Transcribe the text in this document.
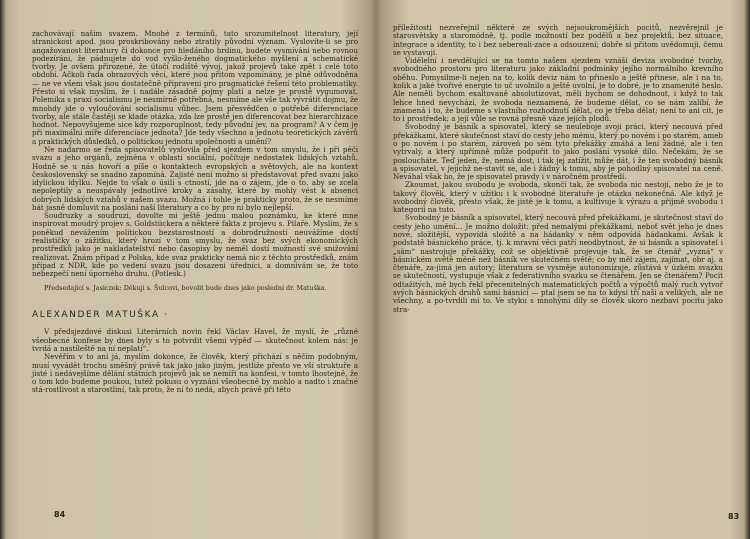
zachovávají našim svazem. Mnohé z termínů, tato srozumitelnost literatury, její stranickost apod. jsou proskribovány nebo ztratily původní význam. Vyslovíte-li se pro angažovanost literatury či dokonce pro hledáního hrdinu, budete vysmíváni nebo rovnou podezíráni, že pádnujete do vod vyšlo-ženého dogmatického myšlení a schematické tvorby. Je ovšem přirozené, že útočí rodiště vývoj, jakož projevů také zpět i celé toto období. Ačkoli řada obrazových věcí, které jsou přitom vzpomínány, je plně odůvodněna — ne ve všem však jsou dostatečně připraveni pro pragmatické řešení této problematiky. Přesto si však myslím, že i nadále zásadně pojmy platí a nelze je prostě vygumovat. Polemika s praxí socialismu je nesmírně potřebná, nesmíme ale vše tak vývrátit dojmu, že mnohdy jde o vyloučování socialismu vůbec. Jsem přesvědčen o potřebě diferenciace tvorby, ale stále častěji se klade otázka, zda lze prostě jen diferencovat bez hierarchizace hodnot. Nepovyšujeme sice kdy rozporuplnost, tedy původní jev, na program? A v čem je při maximální míře diferenciace jednota? Jde tedy všechno a jednotu teoretických závěrů a praktických důsledků, o politickou jednotu společnosti a umění?

Ne nadarmo se ředa spisovatelů vyslovila před sjezdem v tom smyslu, že i při péči svazu a jeho orgánů, zejména v oblasti sociální, počítuje nedostatek lidských vztahů. Hodně se u nás hovoří a píše o kontaktech evropských a světových, ale na kontext československý se snadno zapomíná. Zajisté není možno si představovat před svazu jako idylickou idylku. Nejde tu však o úsilí s ctností, jde na o zájem, jde o to, aby se zcela nepoleptily a neuspávaly jednotlivé kroky a zásahy, které by mohly vést k absenci dobrých lidských vztahů v našem svazu. Možná i tohle je prakticky proto, že se nesmíme bát jasně domluvit na poslání naší literatury a co by pro ni bylo nejlepší.

Soudruzky a soudruzi, dovolte mi ještě jednu malou poznámku, ke které mne inspirovat moudrý projev s. Goldstückera a některé fakta z projevu s. Pilaře. Myslím, že s poněkud nevážením politickou bezstarostností a dobrodružností neuvážíme dostí realističky o zážitku, který hrozí v tom smyslu, že svaz bez svých ekonomických prostředků jako je nakladatelství nebo časopisy by neměl dostí možností své snižování realizovat. Znám případ z Polska, kde svaz prakticky nemá nic z těchto prostředků, znám případ z NDR, kde po vedení svazu jsou dosazeni úředníci, a domnívám se, že toto nebezpečí není úporného druhu. (Potlesk.)

Předsedající s. Jasiczek: Děkuji s. Šulcovi, bovolit bude dnes jako poslední dr. Matuška.

ALEXANDER MATUŠKA ·

V předsjezdové diskusi Literárních novin řekl Václav Havel, že myslí, že „různé všeobecné konfese by dnes byly s to potvrdit všemi výpěď — skutečnost kolem nás: je tvrdá a nastíleště na ní neplatí“.

Nevěřím v to ani já, myslím dokonce, že člověk, který přichází s něčím podobným, musí vyvádět trochu směšný právě tak jako jako jiným, jestliže přesto ve vší struktuře a jisté i nedávejšíme dělání státních projevů jak se nemíří na konfesi, v tomto lhostejně, že o tom kdo budeme poukou, tutéž pokusu o vyznání všeobecně by mohlo a nadto i značné stá-rostlivost a starostliní, tak proto, že ní to nedá, abych právě při této

84

příležitosti nezveřejnil některé ze svých nejsoukromějších pocitů, nezvěrejnil je starosvětsky a staromódně, tj. podle možností bez podělů a bez projektů, bez situace, integrace a identity, to i bez sebereali-zace a odsouzení; dobře si přitom uvědomuji, čemu se vystavuji.

Vidělelní i nevdělující se na tomto našem sjezdem vznáší deviza svobodné tvorby, svobodného prostoru pro literaturu jako základní podmínky jejího normálního krevního oběhu. Pomysilme-li nejen na to, kolik deviz nám to přineslo a ještě přinese, ale i na to, kolik a jaké tvořivé energie to uč uvolnilo a ještě uvolní, je to dobré, je to znamenité heslo. Ale neměli bychom exaltovaně absolutizovat, měli bychom se dohodnout, i když to tak lehce hned nevychází, že svoboda neznamená, že budeme dělat, co se nám zalíbí, že znamená i to, že budeme s vlastního rozhodnutí dělat, co je třeba dělat; není to ani cit, je to i prostředek; a její vůle se rovná přesně váze jejích plodů.

Svobodný je básník a spisovatel, který se neuleboje svoji práci, který necouvá před překážkami, které skutečnost staví do cesty jeho mému, který po novém i po starém, ameb o po novém i po starém, zároveň po sém tyto překážky zmáhá a lení žádné, ale i ten vytrvalý, a který upřímně může podpořit to jako poslání vysoké dílo. Nečekám, že se posloucháte. Teď jeden, že, nemá dost, i tak jej zatížit, může dát, i že ten svobodný básník a spisovatel, v jejichž ne-stavit se, ale i žádný k tomu, aby je pohodlný spisovatel na ceně. Neváhal však ho, že je spisovatel pravdy i v náročném prostředí.

Zkoumat, jakou svobodu je svoboda, skončí tak, že svoboda nic nestojí, nebo že je to takový člověk, který v užitku i k svobodné literatuře je otázka nekonečná. Ale když je svobodný člověk, přesto však, že jistě je k tomu, a kultivuje k výrazu a přijmě svobodu i kategorii na tuto.

Svobodný je básník a spisovatel, který necouvá před překážkami, je skutečnost staví do cesty jeho umění… Je možno doložit: před nemalými překážkami, neboť svět jeho je dnes nové, složitější, vypovídá složitě a na hádanky v něm odpovídá hádankami. Avšak k podstatě básnického práce, tj. k mravní věci patří neodbytnost, že si básník a spisovatel i „sám“ nastrojuje překážky, což se objektivně projevuje tak, že se čtenář „vyzná“ v básnickém světě méně než básník ve skutečném světě; co by měl zájem, zajímat, obr aj. a čtenáře, za-jimá jen autory; literatura se vysměje autonomizuje, zůstává v úzkém svazku se skutečností, vystupuje však z federativního svazku se čtenářem. Jen se čtenářem? Pocit odtažitých, mě bych řekl přecenitelných matematických počtů a výpočtů malý ruch vytvoř svých básnických druhů samí básníci — ptal jsem se na to kdysi tří naši a velikých, ale ne všechny, a po-tvrdili mi to. Ve styku s mnohými díly se člověk skoro nezbaví pocitu jako stra-

83
